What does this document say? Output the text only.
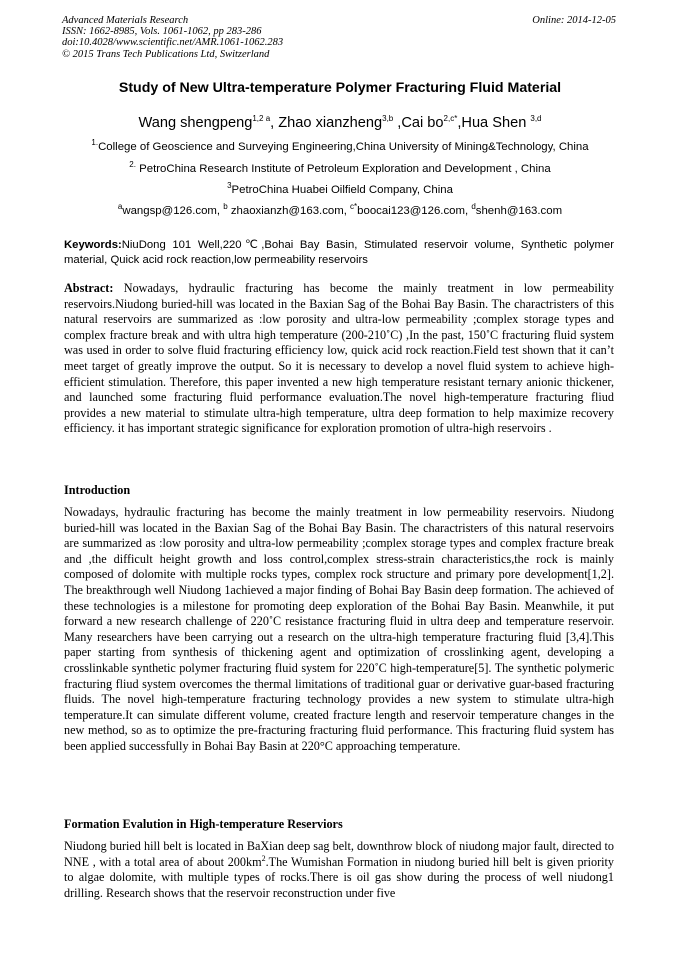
Advanced Materials Research
ISSN: 1662-8985, Vols. 1061-1062, pp 283-286
doi:10.4028/www.scientific.net/AMR.1061-1062.283
© 2015 Trans Tech Publications Ltd, Switzerland
Online: 2014-12-05
Study of New Ultra-temperature Polymer Fracturing Fluid Material
Wang shengpeng$^{1,2 a}$, Zhao xianzheng$^{3,b}$ ,Cai $bo^{2,c*},Hua$ Shen $^{3,d}$
$^{1.}$College of Geoscience and Surveying Engineering,China University of Mining&Technology, China
$^{2.}$ PetroChina Research Institute of Petroleum Exploration and Development , China
$^3$PetroChina Huabei Oilfield Company, China
$^a$wangsp@126.com, $^b$ zhaoxianzh@163.com, $^{c*}$boocai123@126.com, $^d$shenh@163.com
Keywords:NiuDong 101 Well,220℃,Bohai Bay Basin, Stimulated reservoir volume, Synthetic polymer material, Quick acid rock reaction,low permeability reservoirs
Abstract: Nowadays, hydraulic fracturing has become the mainly treatment in low permeability reservoirs.Niudong buried-hill was located in the Baxian Sag of the Bohai Bay Basin. The charactristers of this natural reservoirs are summarized as :low porosity and ultra-low permeability ;complex storage types and complex fracture break and with ultra high temperature (200-210˚C) ,In the past, 150˚C fracturing fluid system was used in order to solve fluid fracturing efficiency low, quick acid rock reaction.Field test shown that it can’t meet target of greatly improve the output. So it is necessary to develop a novel fluid system to achieve high-efficient stimulation. Therefore, this paper invented a new high temperature resistant ternary anionic thickener, and launched some fracturing fluid performance evaluation.The novel high-temperature fracturing fliud provides a new material to stimulate ultra-high temperature, ultra deep formation to help maximize recovery efficiency. it has important strategic significance for exploration promotion of ultra-high reservoirs .
Introduction
Nowadays, hydraulic fracturing has become the mainly treatment in low permeability reservoirs. Niudong buried-hill was located in the Baxian Sag of the Bohai Bay Basin. The charactristers of this natural reservoirs are summarized as :low porosity and ultra-low permeability ;complex storage types and complex fracture break and ,the difficult height growth and loss control,complex stress-strain characteristics,the rock is mainly composed of dolomite with multiple rocks types, complex rock structure and primary pore development[1,2]. The breakthrough well Niudong 1achieved a major finding of Bohai Bay Basin deep formation. The achieved of these technologies is a milestone for promoting deep exploration of the Bohai Bay Basin. Meanwhile, it put forward a new research challenge of 220˚C resistance fracturing fluid in ultra deep and temperature reservoir. Many researchers have been carrying out a research on the ultra-high temperature fracturing fluid [3,4].This paper starting from synthesis of thickening agent and optimization of crosslinking agent, developing a crosslinkable synthetic polymer fracturing fluid system for 220˚C high-temperature[5]. The synthetic polymeric fracturing fliud system overcomes the thermal limitations of traditional guar or derivative guar-based fracturing fluids. The novel high-temperature fracturing technology provides a new system to stimulate ultra-high temperature.It can simulate different volume, created fracture length and reservoir temperature changes in the new method, so as to optimize the pre-fracturing fracturing fluid performance. This fracturing fluid system has been applied successfully in Bohai Bay Basin at 220°C approaching temperature.
Formation Evalution in High-temperature Reserviors
Niudong buried hill belt is located in BaXian deep sag belt, downthrow block of niudong major fault, directed to NNE , with a total area of about $200km^2.The$ Wumishan Formation in niudong buried hill belt is given priority to algae dolomite, with multiple types of rocks.There is oil gas show during the process of well niudong1 drilling. Research shows that the reservoir reconstruction under five
